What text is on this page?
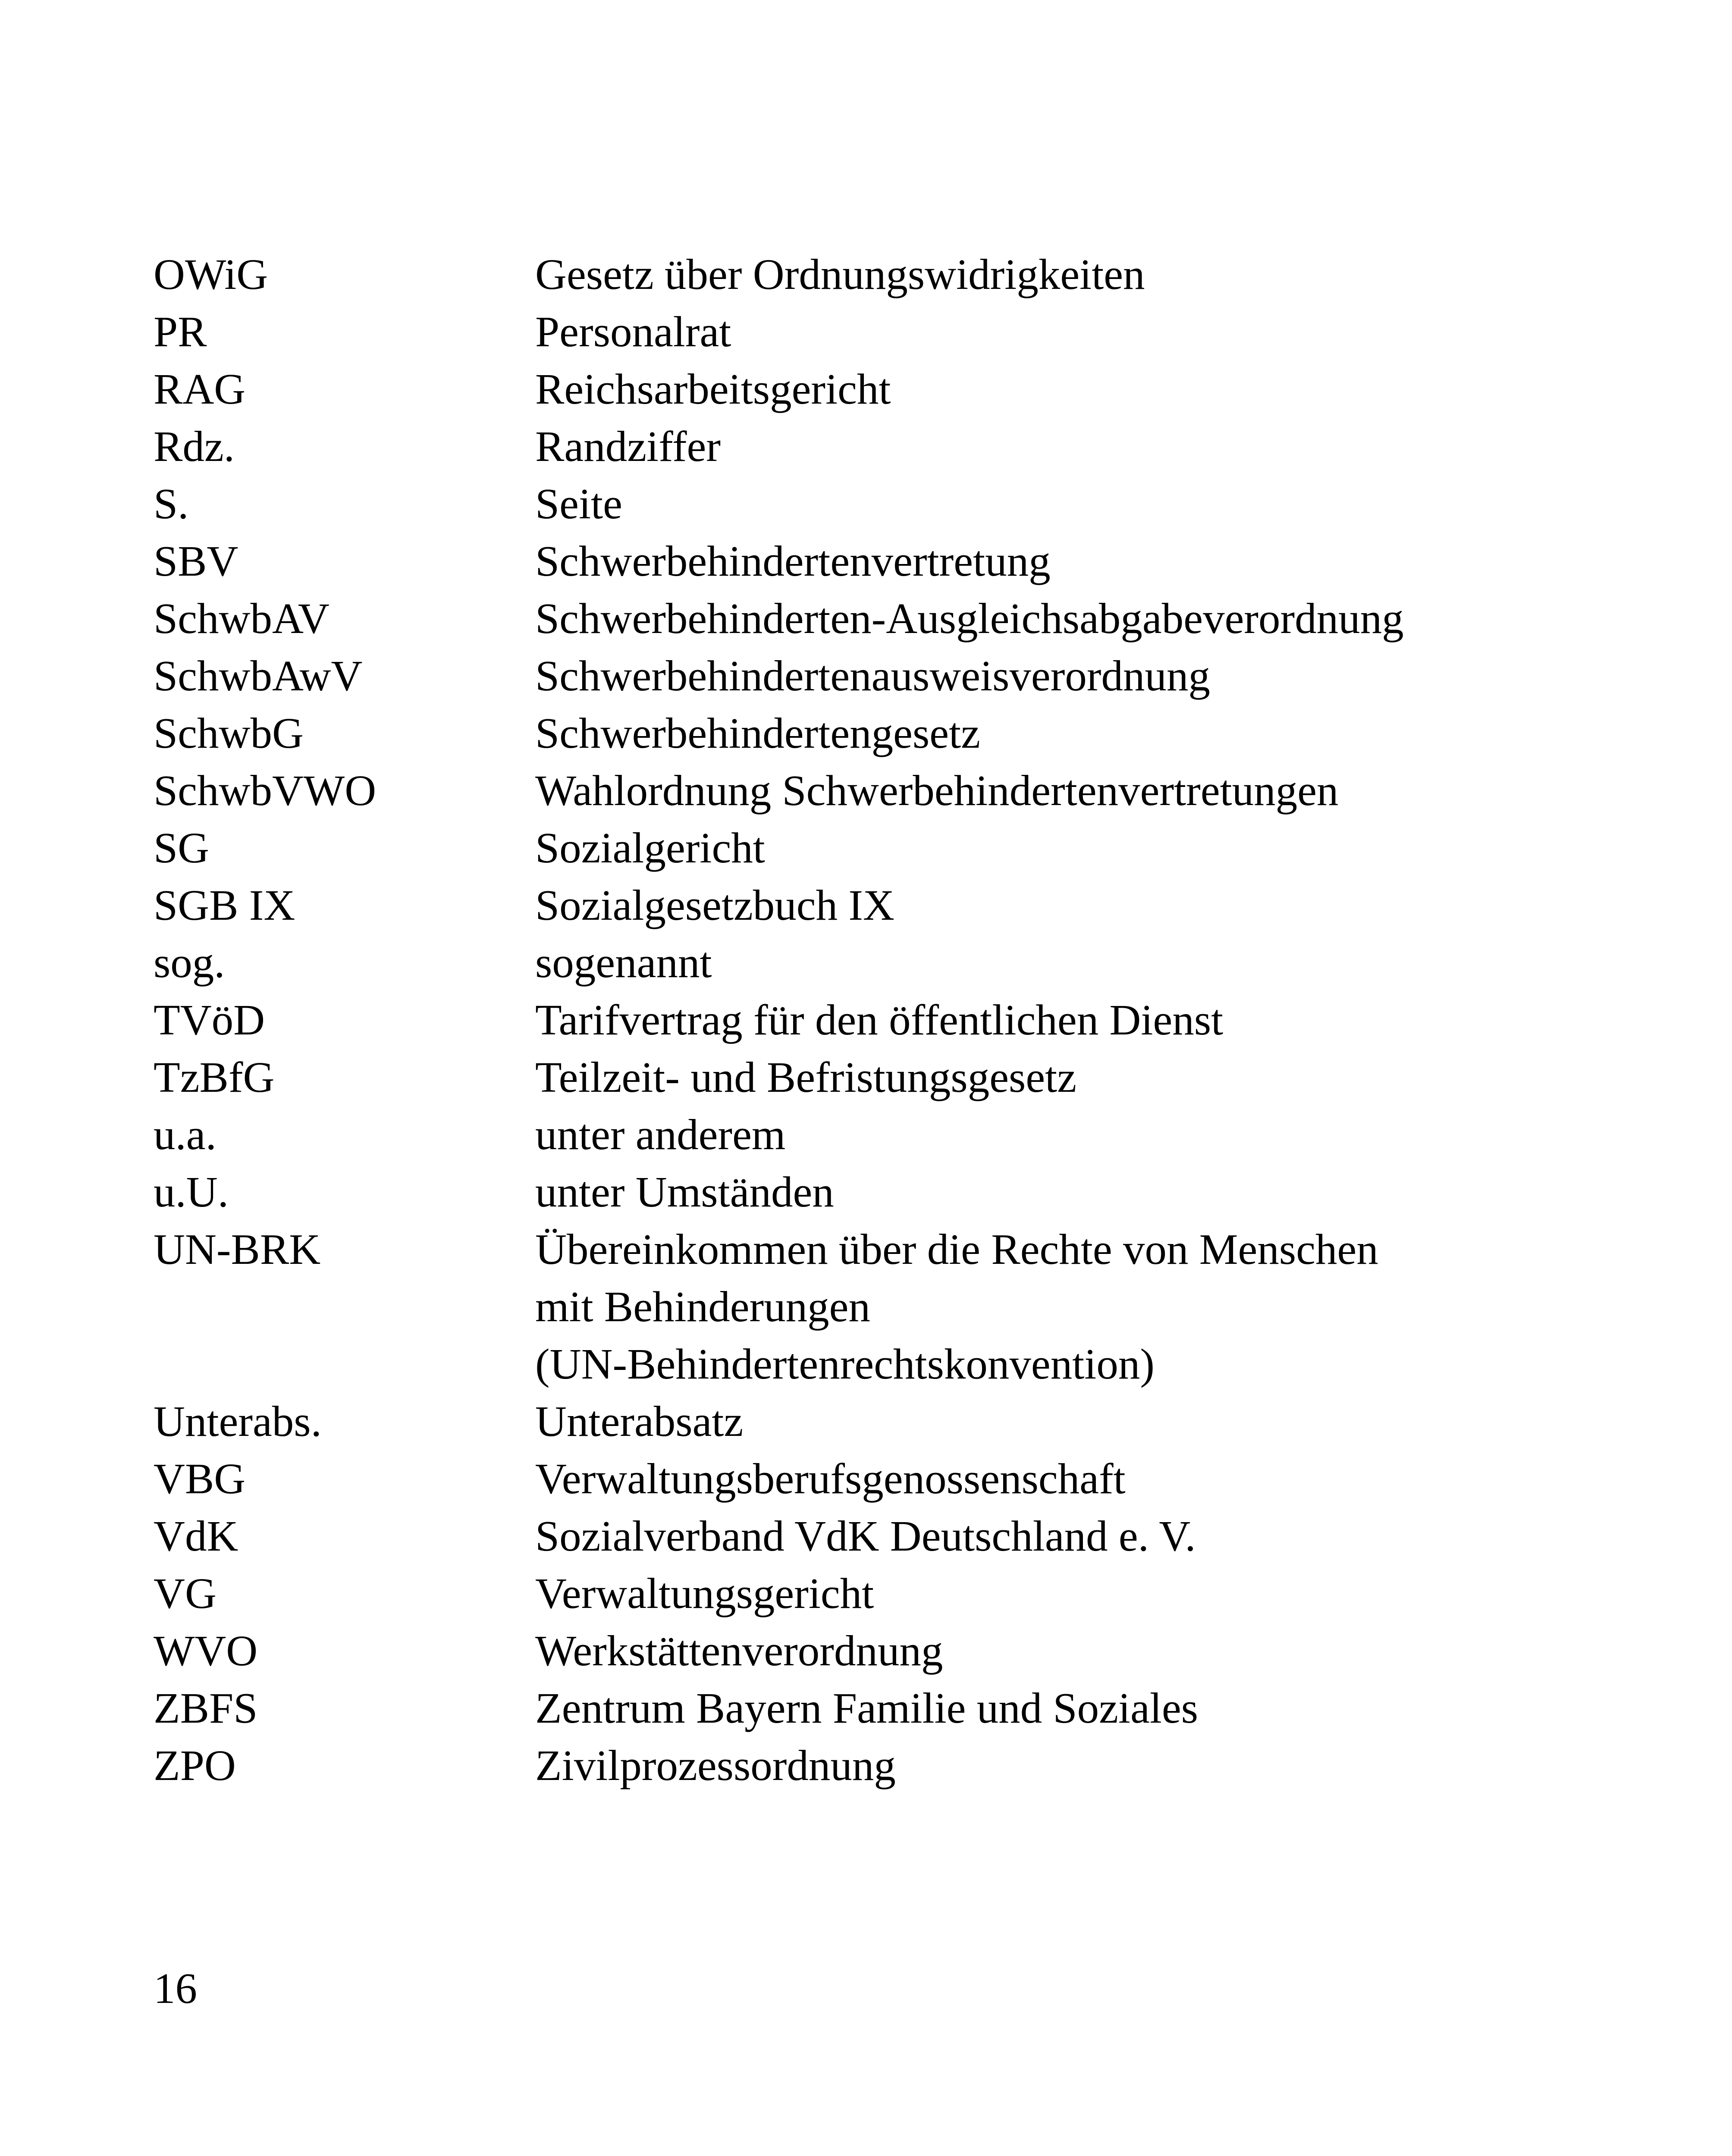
OWiG	Gesetz über Ordnungswidrigkeiten
PR	Personalrat
RAG	Reichsarbeitsgericht
Rdz.	Randziffer
S.	Seite
SBV	Schwerbehindertenvertretung
SchwbAV	Schwerbehinderten-Ausgleichsabgabeverordnung
SchwbAwV	Schwerbehindertenausweisverordnung
SchwbG	Schwerbehindertengesetz
SchwbVWO	Wahlordnung Schwerbehindertenvertretungen
SG	Sozialgericht
SGB IX	Sozialgesetzbuch IX
sog.	sogenannt
TVöD	Tarifvertrag für den öffentlichen Dienst
TzBfG	Teilzeit- und Befristungsgesetz
u.a.	unter anderem
u.U.	unter Umständen
UN-BRK	Übereinkommen über die Rechte von Menschen
mit Behinderungen
(UN-Behindertenrechtskonvention)
Unterabs.	Unterabsatz
VBG	Verwaltungsberufsgenossenschaft
VdK	Sozialverband VdK Deutschland e. V.
VG	Verwaltungsgericht
WVO	Werkstättenverordnung
ZBFS	Zentrum Bayern Familie und Soziales
ZPO	Zivilprozessordnung
16
